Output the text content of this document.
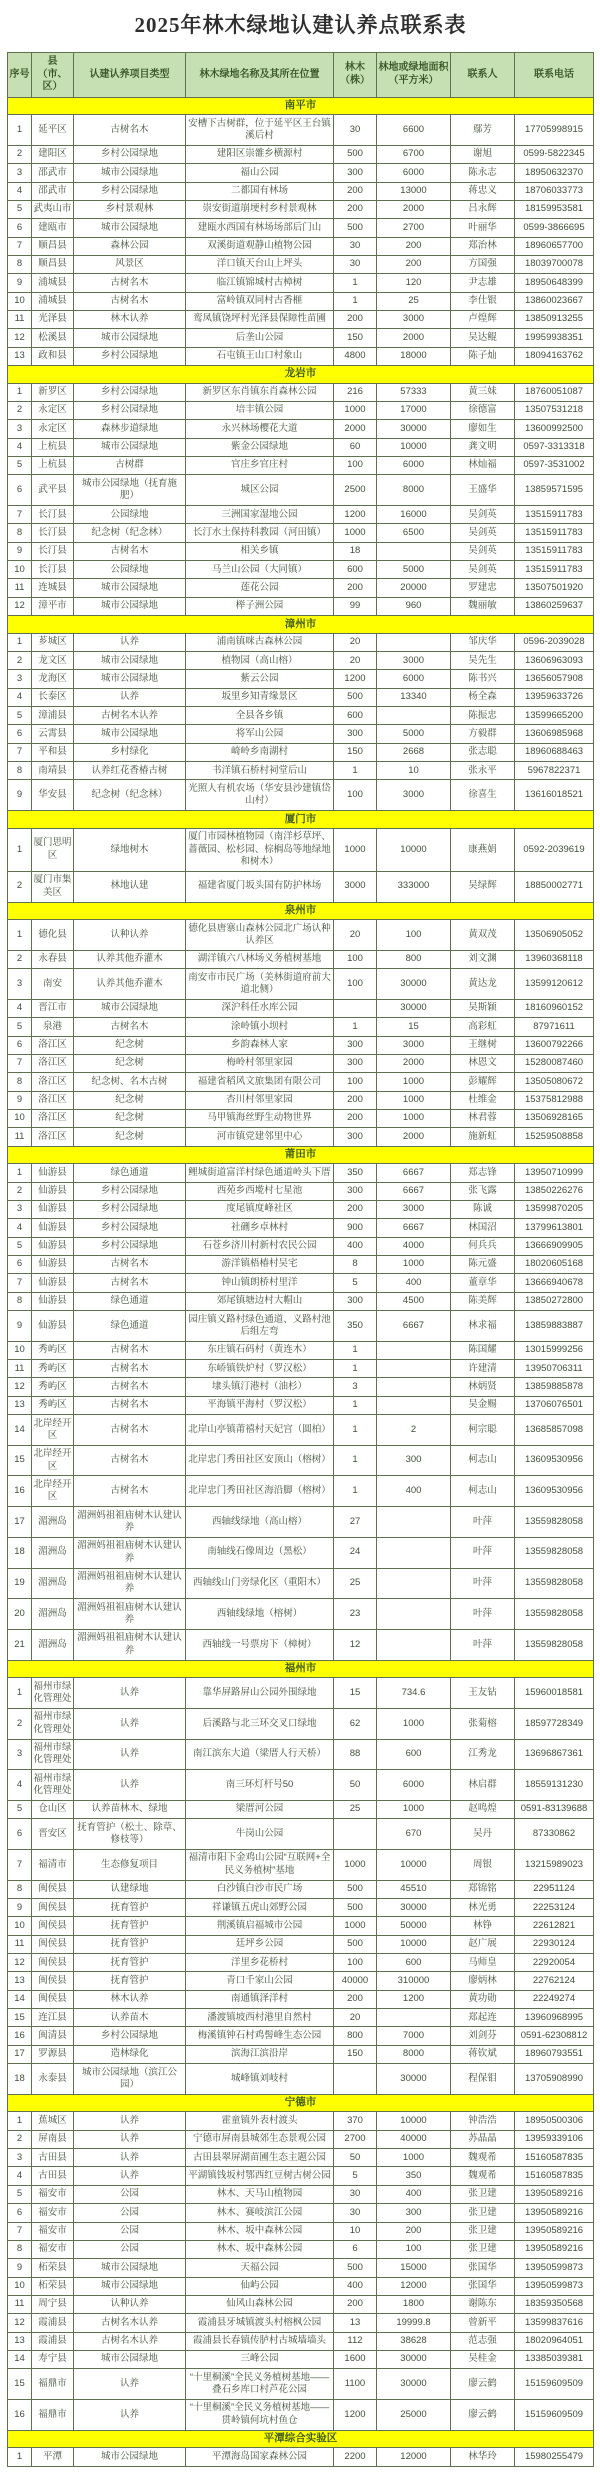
2025年林木绿地认建认养点联系表
序号	县（市、区）	认建认养项目类型	林木绿地名称及其所在位置	林木（株）	林地或绿地面积（平方米）	联系人	联系电话
南平市							
1	延平区	古树名木	安槽下古树群，位于延平区王台镇溪后村	30	6600	鄢芳	17705998915
2	建阳区	乡村公园绿地	建阳区崇雒乡横源村	500	6700	谢旭	0599-5822345
3	邵武市	城市公园绿地	福山公园	300	6000	陈永志	18950632370
4	邵武市	乡村公园绿地	二都国有林场	200	13000	蒋忠义	18706033773
5	武夷山市	乡村景观林	崇安街道崩埂村乡村景观林	200	2000	吕永辉	18159953581
6	建瓯市	城市公园绿地	建瓯水西国有林场场部后门山	500	2700	叶丽华	0599-3866695
7	顺昌县	森林公园	双溪街道观静山植物公园	30	200	郑治林	18960657700
8	顺昌县	风景区	洋口镇天台山上坪头	30	200	方国强	18039700078
9	浦城县	古树名木	临江镇锦城村古樟树	1	120	尹志雄	18950648399
10	浦城县	古树名木	富岭镇双同村古香榧	1	25	李仕银	13860023667
11	光泽县	林木认养	鸾凤镇饶坪村光泽县保障性苗圃	200	3000	卢煌辉	13850913255
12	松溪县	城市公园绿地	后垄山公园	150	2000	吴达鲲	19959938351
13	政和县	乡村公园绿地	石屯镇王山口村象山	4800	18000	陈子灿	18094163762
龙岩市							
1	新罗区	乡村公园绿地	新罗区东肖镇东肖森林公园	216	57333	黄三妹	18760051087
2	永定区	乡村公园绿地	培丰镇公园	1000	17000	徐德富	13507531218
3	永定区	森林步道绿地	永兴林场樱花大道	2000	30000	廖如生	13600992500
4	上杭县	城市公园绿地	紫金公园绿地	60	10000	龚文明	0597-3313318
5	上杭县	古树群	官庄乡官庄村	100	6000	林灿福	0597-3531002
6	武平县	城市公园绿地（抚育施肥）	城区公园	2500	8000	王盛华	13859571595
7	长汀县	公园绿地	三洲国家湿地公园	1200	16000	吴剑英	13515911783
8	长汀县	纪念树（纪念林）	长汀水土保持科教园（河田镇）	1000	6500	吴剑英	13515911783
9	长汀县	古树名木	相关乡镇	18		吴剑英	13515911783
10	长汀县	公园绿地	马兰山公园（大同镇）	600	5000	吴剑英	13515911783
11	连城县	城市公园绿地	莲花公园	200	20000	罗建忠	13507501920
12	漳平市	城市公园绿地	榉子洲公园	99	960	魏丽敏	13860259637
漳州市							
1	芗城区	认养	浦南镇咪古森林公园	20		邹庆华	0596-2039028
2	龙文区	城市公园绿地	植物园（高山榕）	20	3000	吴先生	13606963093
3	龙海区	城市公园绿地	紫云公园	1200	6000	陈书兴	13656057908
4	长泰区	认养	坂里乡知青缘景区	500	13340	杨全森	13959633726
5	漳浦县	古树名木认养	全县各乡镇	600		陈振忠	13599665200
6	云霄县	城市公园绿地	将军山公园	300	5000	方毅群	13606985968
7	平和县	乡村绿化	崎岭乡南湖村	150	2668	张志聪	18960688463
8	南靖县	认养红花香椿古树	书洋镇石桥村祠堂后山	1	10	张永平	5967822371
9	华安县	纪念树（纪念林）	光照人有机农场（华安县沙建镇岱山村）	100	3000	徐喜生	13616018521
厦门市							
1	厦门思明区	绿地树木	厦门市园林植物园（南洋杉草坪、蔷薇园、松杉园、棕榈岛等地绿地和树木）	1000	10000	康燕娟	0592-2039619
2	厦门市集美区	林地认建	福建省厦门坂头国有防护林场	3000	333000	吴绿辉	18850002771
泉州市							
1	德化县	认种认养	德化县唐寨山森林公园北广场认种认养区	20	100	黄双茂	13506905052
2	永春县	认养其他乔灌木	湖洋镇六八林场义务植树基地	100	800	刘文渊	13960368118
3	南安	认养其他乔灌木	南安市市民广场（美林街道府前大道北侧）	100	30000	黄达龙	13599120612
4	晋江市	城市公园绿地	深沪科任水库公园		30000	吴斯颖	18160960152
5	泉港	古树名木	涂岭镇小坝村	1	15	高彩虹	87971611
6	洛江区	纪念树	乡韵森林人家	300	3000	王继树	13600792266
7	洛江区	纪念树	梅岭村邻里家园	300	2000	林恩文	15280087460
8	洛江区	纪念树、名木古树	福建省稻风文旅集团有限公司	100	1000	彭耀辉	13505080672
9	洛江区	纪念树	杏川村邻里家园	200	1000	杜维金	15375812988
10	洛江区	纪念树	马甲镇海丝野生动物世界	200	1000	林君蓉	13506928165
11	洛江区	纪念树	河市镇党建邻里中心	300	2000	施新虹	15259508858
莆田市							
1	仙游县	绿色通道	鲤城街道富洋村绿色通道岭头下厝	350	6667	郑志锋	13950710999
2	仙游县	乡村公园绿地	西苑乡西墘村七星池	300	6667	张飞露	13850226276
3	仙游县	乡村公园绿地	度尾镇度峰社区	200	3000	陈诚	13599870205
4	仙游县	乡村公园绿地	社硎乡卓林村	900	6667	林国沼	13799613801
5	仙游县	乡村公园绿地	石苍乡济川村新村农民公园	400	4000	何兵兵	13666909905
6	仙游县	古树名木	游洋镇梧椿村吴宅	8	1000	陈元盛	18020605168
7	仙游县	古树名木	钟山镇朗桥村里洋	5	400	董章华	13666940678
8	仙游县	绿色通道	郊尾镇塘边村大帽山	300	4500	陈美辉	13850272800
9	仙游县	绿色通道	园庄镇义路村绿色通道、义路村池后组左弯	350	6667	林求福	13859883887
10	秀屿区	古树名木	东庄镇石码村（黄连木）	1		陈国耀	13015999256
11	秀屿区	古树名木	东峤镇铁炉村（罗汉松）	1		许建清	13950706311
12	秀屿区	古树名木	埭头镇汀港村（油杉）	3		林炳贤	13859885878
13	秀屿区	古树名木	平海镇平海村（罗汉松）	1		吴金赐	13706076501
14	北岸经开区	古树名木	北岸山亭镇莆禧村天妃宫（圆柏）	1	2	柯宗聪	13685857098
15	北岸经开区	古树名木	北岸忠门秀田社区安顶山（榕树）	1	300	柯志山	13609530956
16	北岸经开区	古树名木	北岸忠门秀田社区海沿脚（榕树）	1	400	柯志山	13609530956
17	湄洲岛	湄洲妈祖祖庙树木认建认养	西轴线绿地（高山榕）	27		叶萍	13559828058
18	湄洲岛	湄洲妈祖祖庙树木认建认养	南轴线石像周边（黑松）	24		叶萍	13559828058
19	湄洲岛	湄洲妈祖祖庙树木认建认养	西轴线山门旁绿化区（重阳木）	25		叶萍	13559828058
20	湄洲岛	湄洲妈祖祖庙树木认建认养	西轴线绿地（榕树）	23		叶萍	13559828058
21	湄洲岛	湄洲妈祖祖庙树木认建认养	西轴线一号票房下（樟树）	12		叶萍	13559828058
福州市							
1	福州市绿化管理处	认养	靠华屏路屏山公园外围绿地	15	734.6	王友钻	15960018581
2	福州市绿化管理处	认养	后溪路与北三环交叉口绿地	62	1000	张菊榕	18597728349
3	福州市绿化管理处	认养	南江滨东大道（梁厝人行天桥）	88	600	江秀龙	13696867361
4	福州市绿化管理处	认养	南三环灯杆号50	50	6000	林启群	18559131230
5	仓山区	认养苗林木、绿地	梁厝河公园	25	1000	赵鸣煌	0591-83139688
6	晋安区	抚育管护（松土、除草、修枝等）	牛岗山公园		670	吴丹	87330862
7	福清市	生态修复项目	福清市阳下金鸡山公园“互联网+全民义务植树”基地	1000	10000	周银	13215989023
8	闽侯县	认建绿地	白沙镇白沙市民广场	500	45510	郑锦铭	22951124
9	闽侯县	抚育管护	祥谦镇五虎山郊野公园	500	30000	林光勇	22253124
10	闽侯县	抚育管护	荆溪镇启福城市公园	1000	50000	林铮	22612821
11	闽侯县	抚育管护	廷坪乡公园	500	10000	赵广展	22930124
12	闽侯县	抚育管护	洋里乡花桥村	100	600	马师皇	22920054
13	闽侯县	抚育管护	青口千家山公园	40000	310000	廖炳林	22762124
14	闽侯县	林木认养	南通镇泽洋村	200	1200	黄功勋	22249274
15	连江县	认养苗木	潘渡镇坡西村港里自然村	20		郑起连	13960968995
16	闽清县	乡村公园绿地	梅溪镇钟石村鸡髻峰生态公园	800	7000	刘剑芬	0591-62308812
17	罗源县	造林绿化	滨海江滨沿岸	150	8000	蒋钦斌	18960793551
18	永泰县	城市公园绿地（滨江公园）	城峰镇刘岐村		30000	程保钼	13705908990
宁德市							
1	蕉城区	认养	霍童镇外表村渡头	370	10000	钟浩浩	18950500306
2	屏南县	认养	宁德市屏南县城郊生态景观公园	2700	40000	苏晶晶	13959339106
3	古田县	认养	古田县翠屏湖苗圃生态主题公园	50	1000	魏观希	15160587835
4	古田县	认养	平湖镇钱坂村鄂西红豆树古树公园	5	350	魏观希	15160587835
5	福安市	公园	林木、天马山植物园	30	400	张卫建	13950589216
6	福安市	公园	林木、赛岐滨江公园	30	300	张卫建	13950589216
7	福安市	公园	林木、坂中森林公园	10	200	张卫建	13950589216
8	福安市	公园	林木、坂中森林公园	6	100	张卫建	13950589216
9	柘荣县	城市公园绿地	天福公园	500	15000	张国华	13950599873
10	柘荣县	城市公园绿地	仙屿公园	400	12000	张国华	13950599873
11	周宁县	认种认养	仙风山森林公园	200	1800	谢陈东	18359350568
12	霞浦县	古树名木认养	霞浦县牙城镇渡头村榕枫公园	13	19999.8	曾新平	13599837616
13	霞浦县	古树名木认养	霞浦县长春镇传胪村古城墙墙头	112	38628	范志强	18020964051
14	寿宁县	城市公园绿地	三峰公园	1600	30000	吴桂金	13385039381
15	福鼎市	认养	“十里桐溪”全民义务植树基地——叠石乡库口村芦花公园	1100	30000	廖云鹤	15159609509
16	福鼎市	认养	“十里桐溪”全民义务植树基地——贯岭镇何坑村鱼仓	1200	25000	廖云鹤	15159609509
平潭综合实验区							
1	平潭	城市公园绿地	平潭海岛国家森林公园	2200	12000	林华玲	15980255479
